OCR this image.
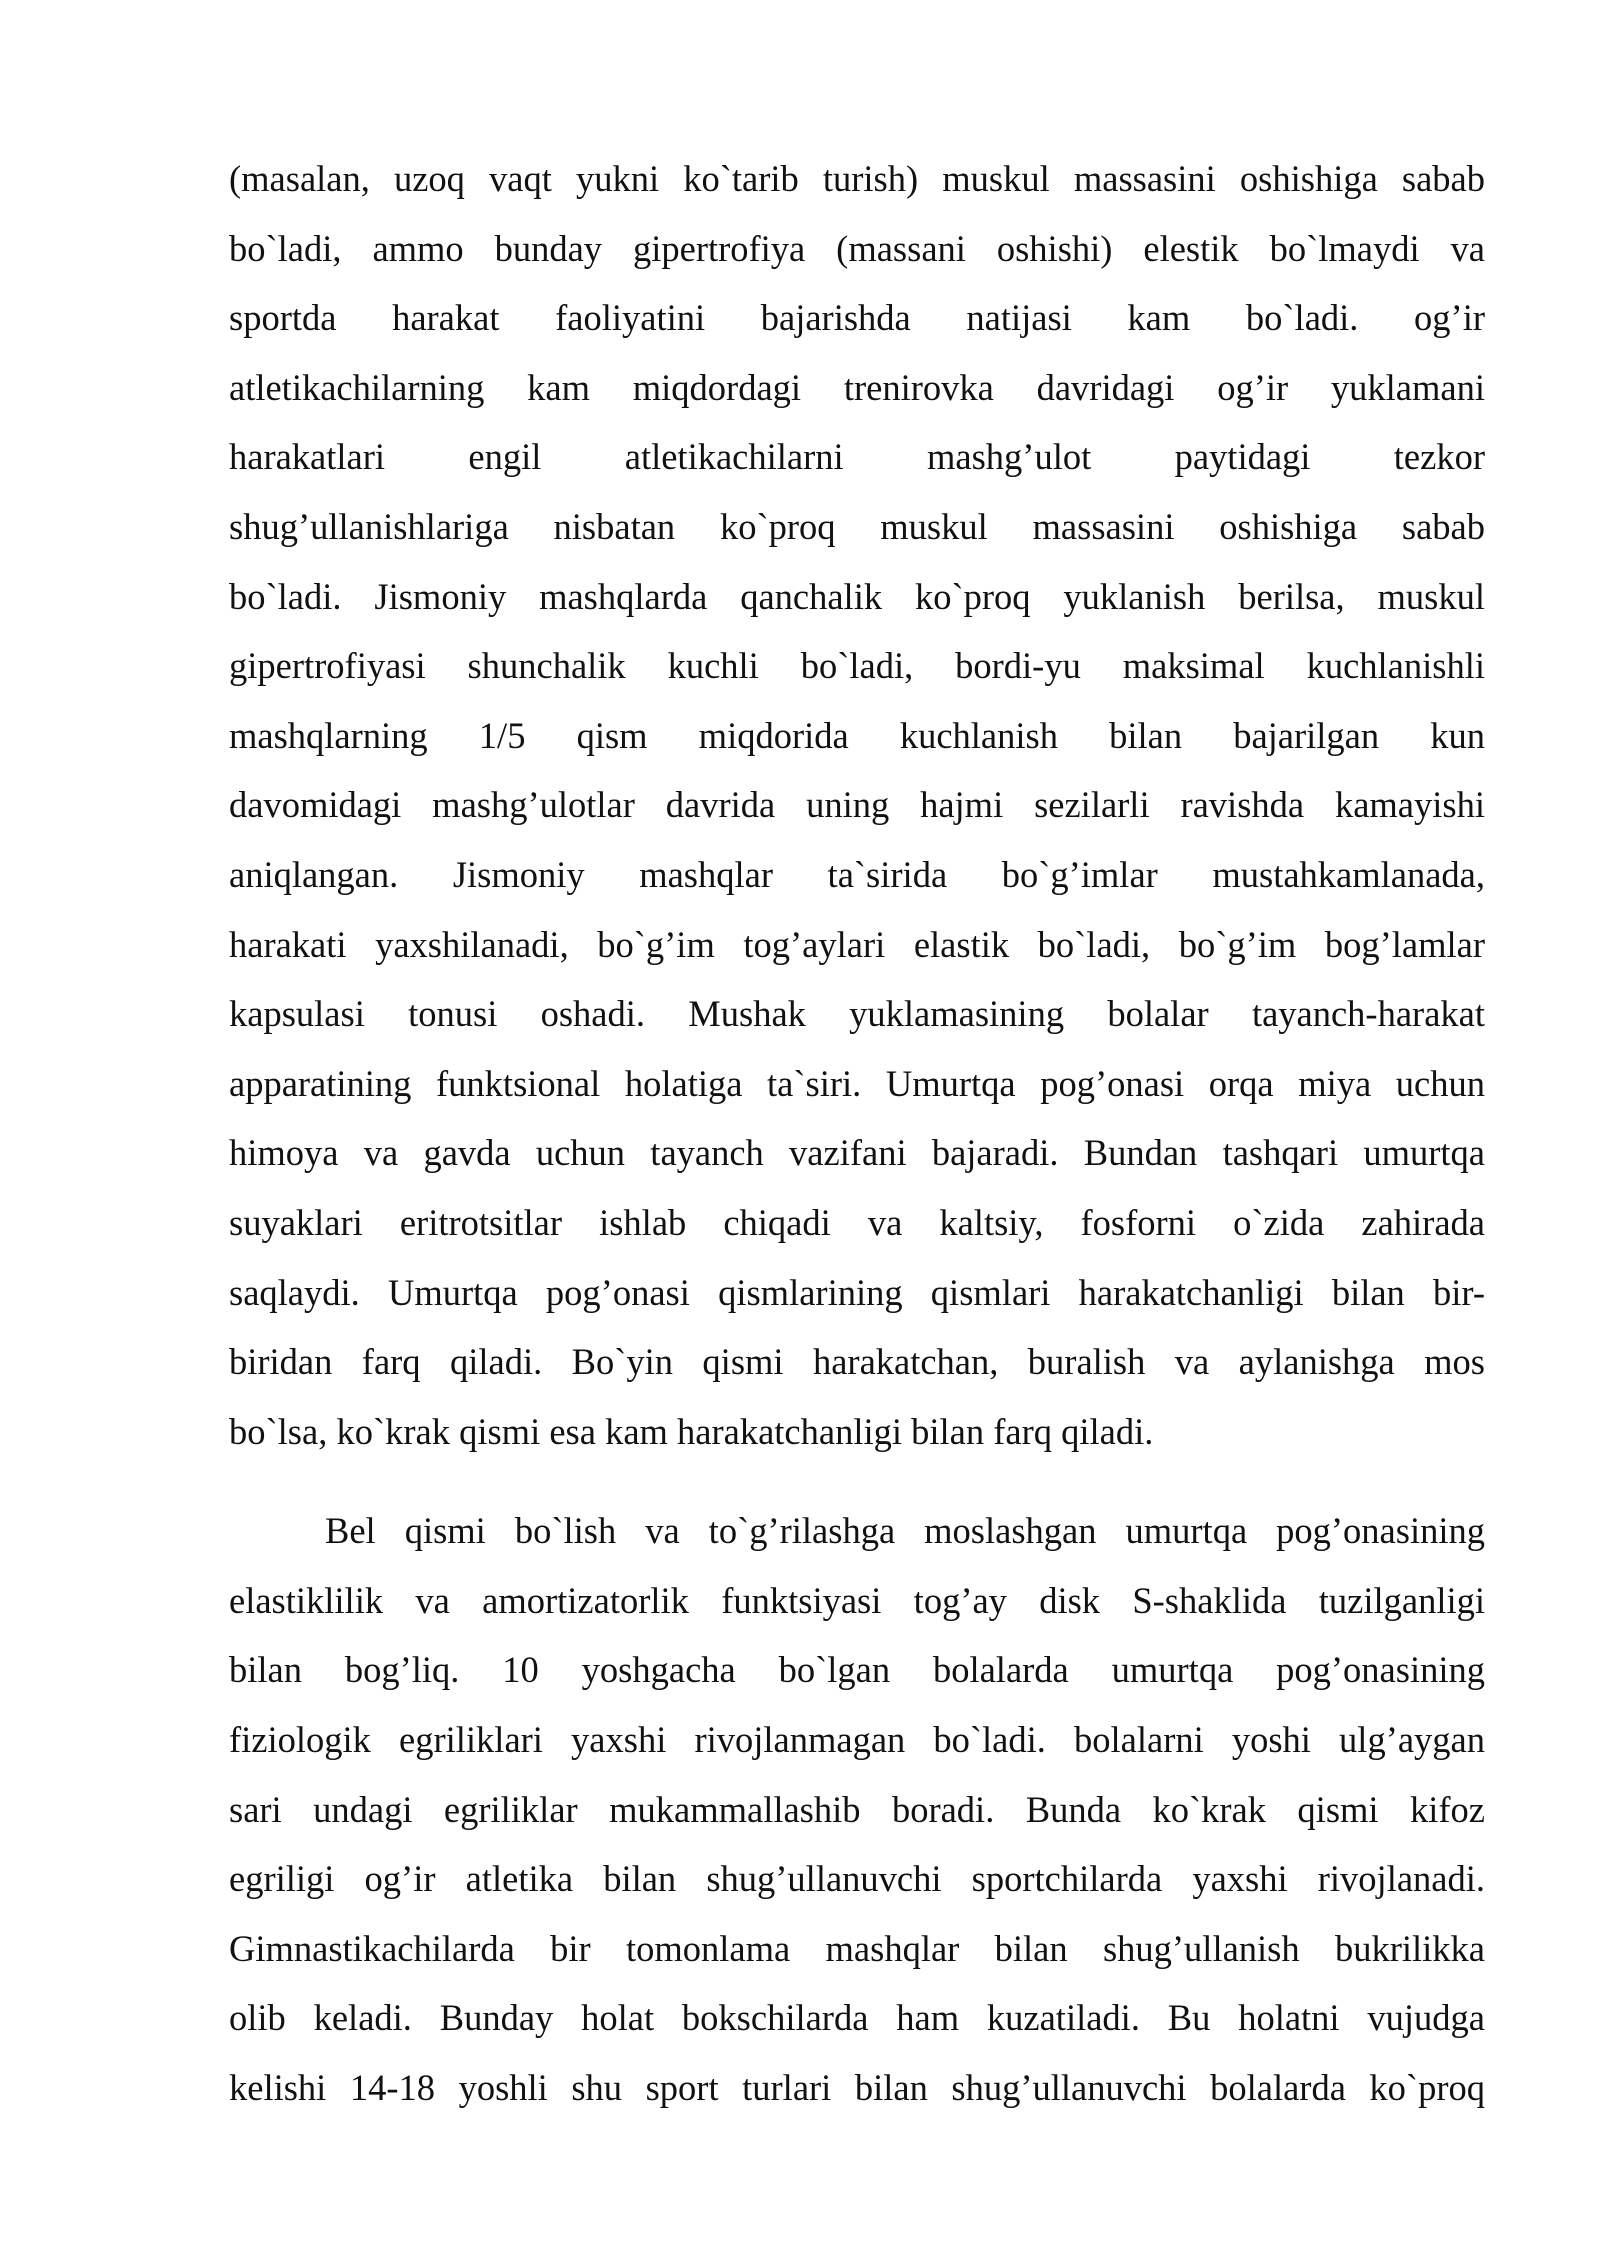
(masalan, uzoq vaqt yukni ko`tarib turish) muskul massasini oshishiga sabab
bo`ladi, ammo bunday gipertrofiya (massani oshishi) elestik bo`lmaydi va
sportda harakat faoliyatini bajarishda natijasi kam bo`ladi. og’ir
atletikachilarning kam miqdordagi trenirovka davridagi og’ir yuklamani
harakatlari engil atletikachilarni mashg’ulot paytidagi tezkor
shug’ullanishlariga nisbatan ko`proq muskul massasini oshishiga sabab
bo`ladi. Jismoniy mashqlarda qanchalik ko`proq yuklanish berilsa, muskul
gipertrofiyasi shunchalik kuchli bo`ladi, bordi-yu maksimal kuchlanishli
mashqlarning 1/5 qism miqdorida kuchlanish bilan bajarilgan kun
davomidagi mashg’ulotlar davrida uning hajmi sezilarli ravishda kamayishi
aniqlangan. Jismoniy mashqlar ta`sirida bo`g’imlar mustahkamlanada,
harakati yaxshilanadi, bo`g’im tog’aylari elastik bo`ladi, bo`g’im bog’lamlar
kapsulasi tonusi oshadi. Mushak yuklamasining bolalar tayanch-harakat
apparatining funktsional holatiga ta`siri. Umurtqa pog’onasi orqa miya uchun
himoya va gavda uchun tayanch vazifani bajaradi. Bundan tashqari umurtqa
suyaklari eritrotsitlar ishlab chiqadi va kaltsiy, fosforni o`zida zahirada
saqlaydi. Umurtqa pog’onasi qismlarining qismlari harakatchanligi bilan bir-
biridan farq qiladi. Bo`yin qismi harakatchan, buralish va aylanishga mos
bo`lsa, ko`krak qismi esa kam harakatchanligi bilan farq qiladi.
Bel qismi bo`lish va to`g’rilashga moslashgan umurtqa pog’onasining
elastiklilik va amortizatorlik funktsiyasi tog’ay disk S-shaklida tuzilganligi
bilan bog’liq. 10 yoshgacha bo`lgan bolalarda umurtqa pog’onasining
fiziologik egriliklari yaxshi rivojlanmagan bo`ladi. bolalarni yoshi ulg’aygan
sari undagi egriliklar mukammallashib boradi. Bunda ko`krak qismi kifoz
egriligi og’ir atletika bilan shug’ullanuvchi sportchilarda yaxshi rivojlanadi.
Gimnastikachilarda bir tomonlama mashqlar bilan shug’ullanish bukrilikka
olib keladi. Bunday holat bokschilarda ham kuzatiladi. Bu holatni vujudga
kelishi 14-18 yoshli shu sport turlari bilan shug’ullanuvchi bolalarda ko`proq
